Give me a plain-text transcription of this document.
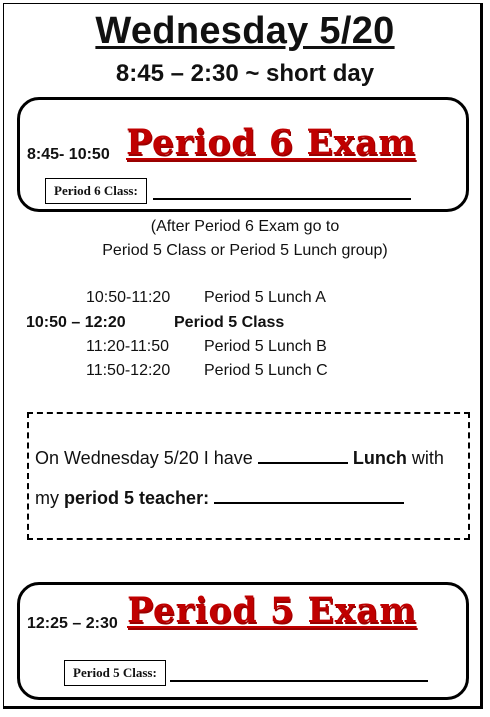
Wednesday 5/20
8:45 – 2:30 ~ short day
8:45- 10:50 Period 6 Exam
Period 6 Class:
(After Period 6 Exam go to
Period 5 Class or Period 5 Lunch group)
10:50-11:20 Period 5 Lunch A
10:50 – 12:20	Period 5 Class
11:20-11:50 Period 5 Lunch B
11:50-12:20 Period 5 Lunch C
On Wednesday 5/20 I have	Lunch with
my period 5 teacher:
12:25 – 2:30 Period 5 Exam
Period 5 Class:
